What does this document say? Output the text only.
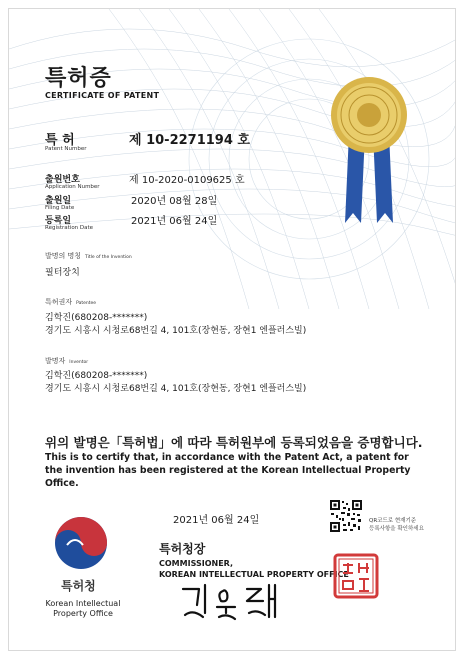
특허증
CERTIFICATE OF PATENT
특 허
Patent Number
제 10-2271194 호
출원번호
Application Number
제 10-2020-0109625 호
출원일
Filing Date
2020년 08월 28일
등록일
Registration Date
2021년 06월 24일
발명의 명칭 Title of the Invention
필터장치
특허권자 Patentee
김학진(680208-*******)
경기도 시흥시 시청로68번길 4, 101호(장현동, 장현1 엔플러스빌)
발명자 Inventor
김학진(680208-*******)
경기도 시흥시 시청로68번길 4, 101호(장현동, 장현1 엔플러스빌)
위의 발명은「특허법」에 따라 특허원부에 등록되었음을 증명합니다.
This is to certify that, in accordance with the Patent Act, a patent for the invention has been registered at the Korean Intellectual Property Office.
2021년 06월 24일
특허청장
COMMISSIONER,
KOREAN INTELLECTUAL PROPERTY OFFICE
QR코드로 현재기준
등록사항을 확인하세요
특허청
Korean Intellectual
Property Office
